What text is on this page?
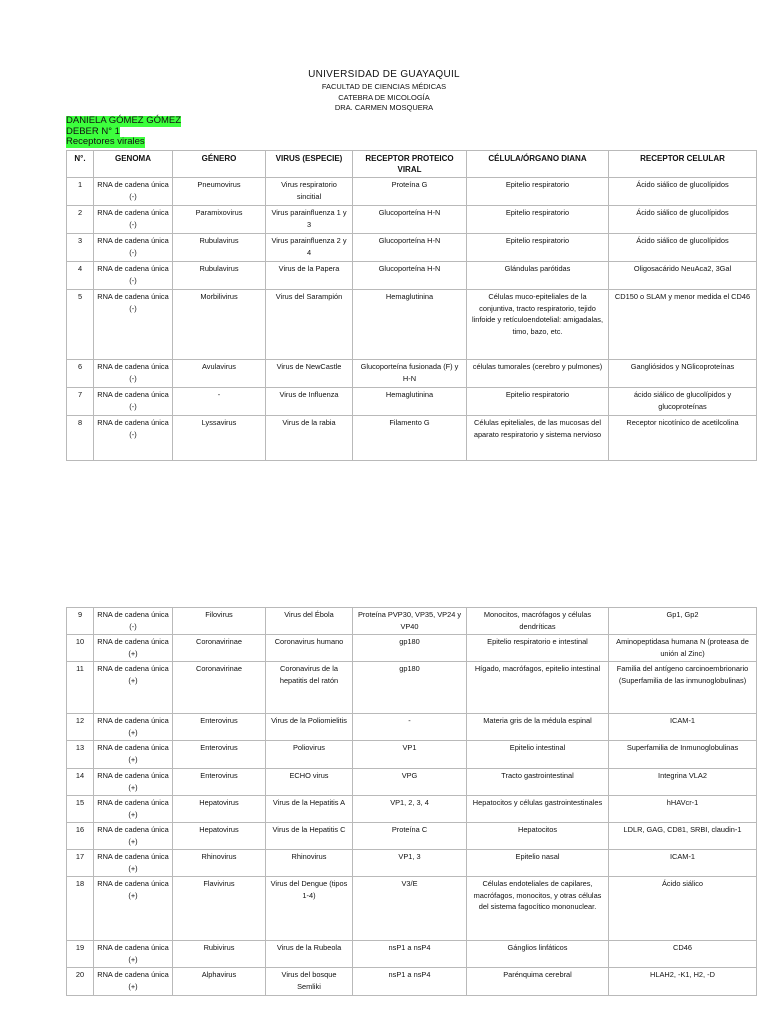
UNIVERSIDAD DE GUAYAQUIL
FACULTAD DE CIENCIAS MÉDICAS
CATEBRA DE MICOLOGÍA
DRA. CARMEN MOSQUERA
DANIELA GÓMEZ GÓMEZ
DEBER N° 1
Receptores virales
N°.	GENOMA	GÉNERO	VIRUS (ESPECIE)	RECEPTOR PROTEICO VIRAL	CÉLULA/ÓRGANO DIANA	RECEPTOR CELULAR
1	RNA de cadena única (-)	Pneumovirus	Virus respiratorio sincitial	Proteína G	Epitelio respiratorio	Ácido siálico de glucolípidos
2	RNA de cadena única (-)	Paramixovirus	Virus parainfluenza 1 y 3	Glucoporteína H-N	Epitelio respiratorio	Ácido siálico de glucolípidos
3	RNA de cadena única (-)	Rubulavirus	Virus parainfluenza 2 y 4	Glucoporteína H-N	Epitelio respiratorio	Ácido siálico de glucolípidos
4	RNA de cadena única (-)	Rubulavirus	Virus de la Papera	Glucoporteína H-N	Glándulas parótidas	Oligosacárido NeuAca2, 3Gal
5	RNA de cadena única (-)	Morbilivirus	Virus del Sarampión	Hemaglutinina	Células muco-epiteliales de la conjuntiva, tracto respiratorio, tejido linfoide y retículoendotelial: amigadalas, timo, bazo, etc.	CD150 o SLAM y menor medida el CD46
6	RNA de cadena única (-)	Avulavirus	Virus de NewCastle	Glucoporteína fusionada (F) y H-N	células tumorales (cerebro y pulmones)	Gangliósidos y NGlicoproteínas
7	RNA de cadena única (-)	-	Virus de Influenza	Hemaglutinina	Epitelio respiratorio	ácido siálico de glucolípidos y glucoproteínas
8	RNA de cadena única (-)	Lyssavirus	Virus de la rabia	Filamento G	Células epiteliales, de las mucosas del aparato respiratorio y sistema nervioso	Receptor nicotínico de acetilcolina
9	RNA de cadena única (-)	Filovirus	Virus del Ébola	Proteína PVP30, VP35, VP24 y VP40	Monocitos, macrófagos y células dendríticas	Gp1, Gp2
10	RNA de cadena única (+)	Coronavirinae	Coronavirus humano	gp180	Epitelio respiratorio e intestinal	Aminopeptidasa humana N (proteasa de unión al Zinc)
11	RNA de cadena única (+)	Coronavirinae	Coronavirus de la hepatitis del ratón	gp180	Hígado, macrófagos, epitelio intestinal	Familia del antígeno carcinoembrionario (Superfamilia de las inmunoglobulinas)
12	RNA de cadena única (+)	Enterovirus	Virus de la Poliomielitis	-	Materia gris de la médula espinal	ICAM-1
13	RNA de cadena única (+)	Enterovirus	Poliovirus	VP1	Epitelio intestinal	Superfamilia de Inmunoglobulinas
14	RNA de cadena única (+)	Enterovirus	ECHO virus	VPG	Tracto gastrointestinal	Integrina VLA2
15	RNA de cadena única (+)	Hepatovirus	Virus de la Hepatitis A	VP1, 2, 3, 4	Hepatocitos y células gastrointestinales	hHAVcr-1
16	RNA de cadena única (+)	Hepatovirus	Virus de la Hepatitis C	Proteína C	Hepatocitos	LDLR, GAG, CD81, SRBI, claudin-1
17	RNA de cadena única (+)	Rhinovirus	Rhinovirus	VP1, 3	Epitelio nasal	ICAM-1
18	RNA de cadena única (+)	Flavivirus	Virus del Dengue (tipos 1-4)	V3/E	Células endoteliales de capilares, macrófagos, monocitos, y otras células del sistema fagocítico mononuclear.	Ácido siálico
19	RNA de cadena única (+)	Rubivirus	Virus de la Rubeola	nsP1 a nsP4	Gánglios linfáticos	CD46
20	RNA de cadena única (+)	Alphavirus	Virus del bosque Semliki	nsP1 a nsP4	Parénquima cerebral	HLAH2, -K1, H2, -D
